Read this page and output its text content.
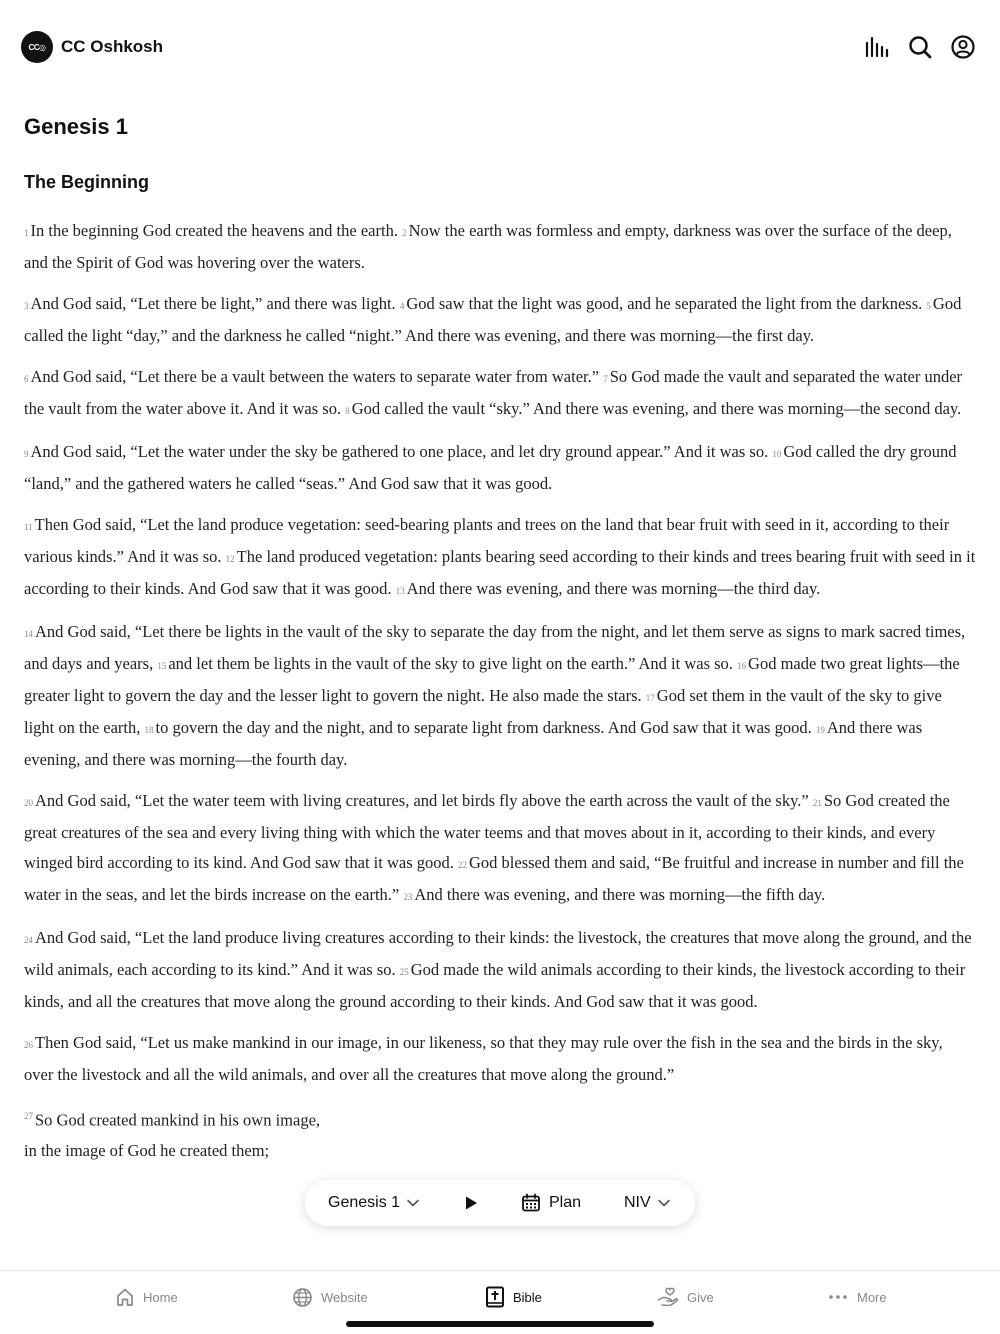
CC◎ CC Oshkosh
Genesis 1
The Beginning

1 In the beginning God created the heavens and the earth. 2 Now the earth was formless and empty, darkness was over the surface of the deep, and the Spirit of God was hovering over the waters.

3 And God said, “Let there be light,” and there was light. 4 God saw that the light was good, and he separated the light from the darkness. 5 God called the light “day,” and the darkness he called “night.” And there was evening, and there was morning—the first day.

6 And God said, “Let there be a vault between the waters to separate water from water.” 7 So God made the vault and separated the water under the vault from the water above it. And it was so. 8 God called the vault “sky.” And there was evening, and there was morning—the second day.

9 And God said, “Let the water under the sky be gathered to one place, and let dry ground appear.” And it was so. 10 God called the dry ground “land,” and the gathered waters he called “seas.” And God saw that it was good.

11 Then God said, “Let the land produce vegetation: seed-bearing plants and trees on the land that bear fruit with seed in it, according to their various kinds.” And it was so. 12 The land produced vegetation: plants bearing seed according to their kinds and trees bearing fruit with seed in it according to their kinds. And God saw that it was good. 13 And there was evening, and there was morning—the third day.

14 And God said, “Let there be lights in the vault of the sky to separate the day from the night, and let them serve as signs to mark sacred times, and days and years, 15 and let them be lights in the vault of the sky to give light on the earth.” And it was so. 16 God made two great lights—the greater light to govern the day and the lesser light to govern the night. He also made the stars. 17 God set them in the vault of the sky to give light on the earth, 18 to govern the day and the night, and to separate light from darkness. And God saw that it was good. 19 And there was evening, and there was morning—the fourth day.

20 And God said, “Let the water teem with living creatures, and let birds fly above the earth across the vault of the sky.” 21 So God created the great creatures of the sea and every living thing with which the water teems and that moves about in it, according to their kinds, and every winged bird according to its kind. And God saw that it was good. 22 God blessed them and said, “Be fruitful and increase in number and fill the water in the seas, and let the birds increase on the earth.” 23 And there was evening, and there was morning—the fifth day.

24 And God said, “Let the land produce living creatures according to their kinds: the livestock, the creatures that move along the ground, and the wild animals, each according to its kind.” And it was so. 25 God made the wild animals according to their kinds, the livestock according to their kinds, and all the creatures that move along the ground according to their kinds. And God saw that it was good.

26 Then God said, “Let us make mankind in our image, in our likeness, so that they may rule over the fish in the sea and the birds in the sky, over the livestock and all the wild animals, and over all the creatures that move along the ground.”

$^{27}$ So God created mankind in his own image,
in the image of God he created them;
Genesis 1	Plan	NIV
Home	Website	Bible	Give	More
